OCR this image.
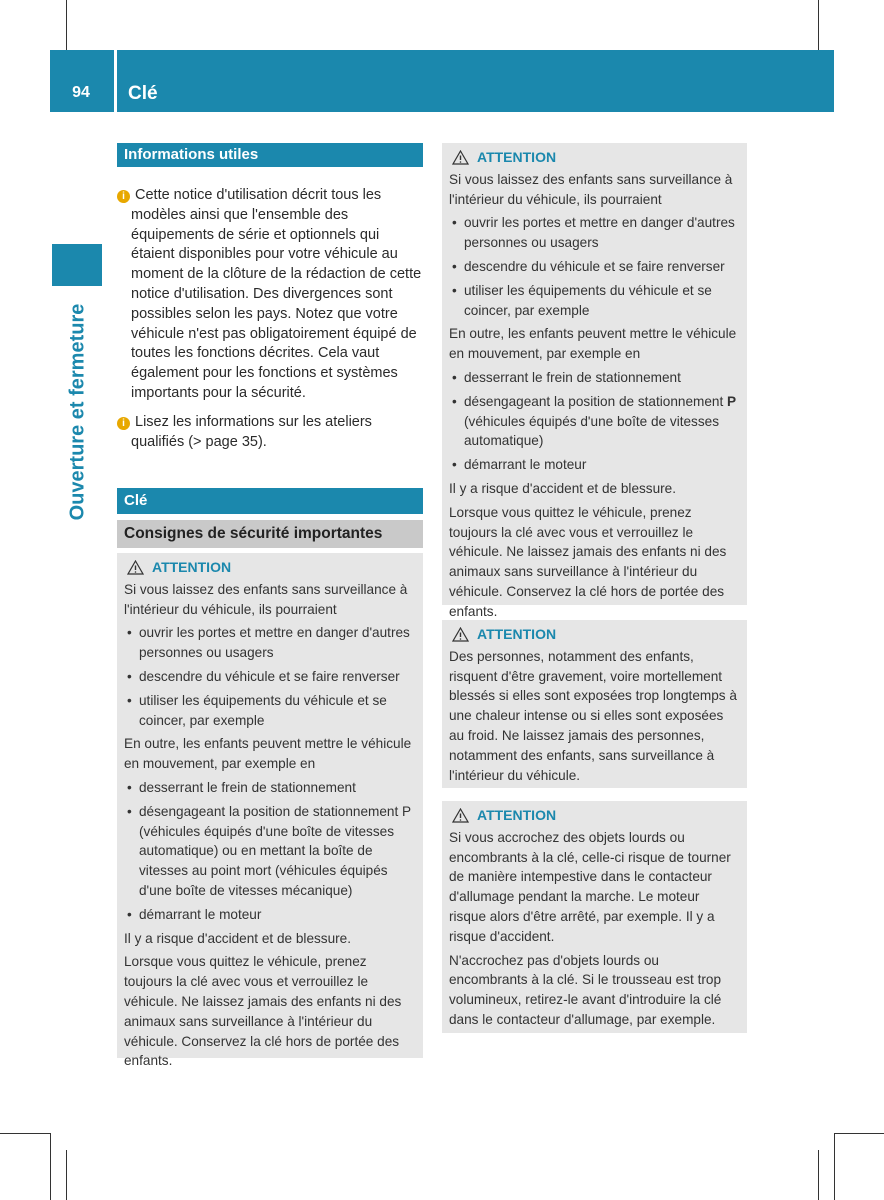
94	Clé
Ouverture et fermeture
Informations utiles

i Cette notice d'utilisation décrit tous les modèles ainsi que l'ensemble des équipements de série et optionnels qui étaient disponibles pour votre véhicule au moment de la clôture de la rédaction de cette notice d'utilisation. Des divergences sont possibles selon les pays. Notez que votre véhicule n'est pas obligatoirement équipé de toutes les fonctions décrites. Cela vaut également pour les fonctions et systèmes importants pour la sécurité.

i Lisez les informations sur les ateliers qualifiés (> page 35).

Clé
Consignes de sécurité importantes
ATTENTION

Si vous laissez des enfants sans surveillance à l'intérieur du véhicule, ils pourraient

• ouvrir les portes et mettre en danger d'autres personnes ou usagers
• descendre du véhicule et se faire renverser
• utiliser les équipements du véhicule et se coincer, par exemple

En outre, les enfants peuvent mettre le véhicule en mouvement, par exemple en

• desserrant le frein de stationnement
• désengageant la position de stationnement P (véhicules équipés d'une boîte de vitesses automatique) ou en mettant la boîte de vitesses au point mort (véhicules équipés d'une boîte de vitesses mécanique)
• démarrant le moteur

Il y a risque d'accident et de blessure.

Lorsque vous quittez le véhicule, prenez toujours la clé avec vous et verrouillez le véhicule. Ne laissez jamais des enfants ni des animaux sans surveillance à l'intérieur du véhicule. Conservez la clé hors de portée des enfants.

ATTENTION

Si vous laissez des enfants sans surveillance à l'intérieur du véhicule, ils pourraient

• ouvrir les portes et mettre en danger d'autres personnes ou usagers
• descendre du véhicule et se faire renverser
• utiliser les équipements du véhicule et se coincer, par exemple

En outre, les enfants peuvent mettre le véhicule en mouvement, par exemple en

• desserrant le frein de stationnement
• désengageant la position de stationnement P (véhicules équipés d'une boîte de vitesses automatique)
• démarrant le moteur

Il y a risque d'accident et de blessure.

Lorsque vous quittez le véhicule, prenez toujours la clé avec vous et verrouillez le véhicule. Ne laissez jamais des enfants ni des animaux sans surveillance à l'intérieur du véhicule. Conservez la clé hors de portée des enfants.

ATTENTION

Des personnes, notamment des enfants, risquent d'être gravement, voire mortellement blessés si elles sont exposées trop longtemps à une chaleur intense ou si elles sont exposées au froid. Ne laissez jamais des personnes, notamment des enfants, sans surveillance à l'intérieur du véhicule.

ATTENTION

Si vous accrochez des objets lourds ou encombrants à la clé, celle-ci risque de tourner de manière intempestive dans le contacteur d'allumage pendant la marche. Le moteur risque alors d'être arrêté, par exemple. Il y a risque d'accident.

N'accrochez pas d'objets lourds ou encombrants à la clé. Si le trousseau est trop volumineux, retirez-le avant d'introduire la clé dans le contacteur d'allumage, par exemple.
